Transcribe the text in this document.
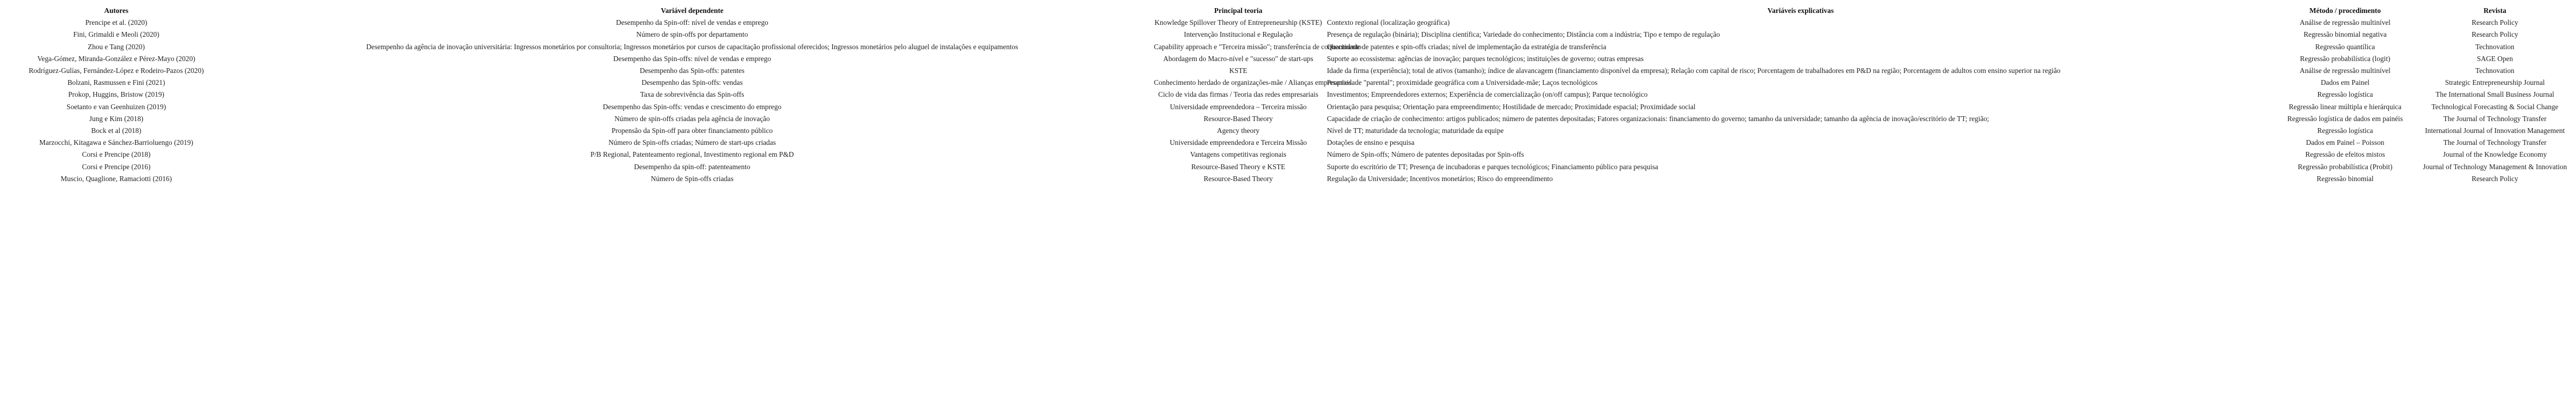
Autores	Variável dependente	Principal teoria	Variáveis explicativas	Método / procedimento	Revista
Prencipe et al. (2020)	Desempenho da Spin-off: nível de vendas e emprego	Knowledge Spillover Theory of Entrepreneurship (KSTE)	Contexto regional (localização geográfica)	Análise de regressão multinível	Research Policy
Fini, Grimaldi e Meoli (2020)	Número de spin-offs por departamento	Intervenção Institucional e Regulação	Presença de regulação (binária); Disciplina científica; Variedade do conhecimento; Distância com a indústria; Tipo e tempo de regulação	Regressão binomial negativa	Research Policy
Zhou e Tang (2020)	Desempenho da agência de inovação universitária: Ingressos monetários por consultoria; Ingressos monetários por cursos de capacitação profissional oferecidos; Ingressos monetários pelo aluguel de instalações e equipamentos	Capability approach e "Terceira missão"; transferência de conhecimento	Quantidade de patentes e spin-offs criadas; nível de implementação da estratégia de transferência	Regressão quantílica	Technovation
Vega-Gómez, Miranda-González e Pérez-Mayo (2020)	Desempenho das Spin-offs: nível de vendas e emprego	Abordagem do Macro-nível e "sucesso" de start-ups	Suporte ao ecossistema: agências de inovação; parques tecnológicos; instituições de governo; outras empresas	Regressão probabilística (logit)	SAGE Open
Rodríguez-Gulías, Fernández-López e Rodeiro-Pazos (2020)	Desempenho das Spin-offs: patentes	KSTE	Idade da firma (experiência); total de ativos (tamanho); índice de alavancagem (financiamento disponível da empresa); Relação com capital de risco; Porcentagem de trabalhadores em P&D na região; Porcentagem de adultos com ensino superior na região	Análise de regressão multinível	Technovation
Bolzani, Rasmussen e Fini (2021)	Desempenho das Spin-offs: vendas	Conhecimento herdado de organizações-mãe / Alianças empresariais	Propriedade "parental"; proximidade geográfica com a Universidade-mãe; Laços tecnológicos	Dados em Painel	Strategic Entrepreneurship Journal
Prokop, Huggins, Bristow (2019)	Taxa de sobrevivência das Spin-offs	Ciclo de vida das firmas / Teoria das redes empresariais	Investimentos; Empreendedores externos; Experiência de comercialização (on/off campus); Parque tecnológico	Regressão logística	The International Small Business Journal
Soetanto e van Geenhuizen (2019)	Desempenho das Spin-offs: vendas e crescimento do emprego	Universidade empreendedora – Terceira missão	Orientação para pesquisa; Orientação para empreendimento; Hostilidade de mercado; Proximidade espacial; Proximidade social	Regressão linear múltipla e hierárquica	Technological Forecasting & Social Change
Jung e Kim (2018)	Número de spin-offs criadas pela agência de inovação	Resource-Based Theory	Capacidade de criação de conhecimento: artigos publicados; número de patentes depositadas; Fatores organizacionais: financiamento do governo; tamanho da universidade; tamanho da agência de inovação/escritório de TT; região;	Regressão logística de dados em painéis	The Journal of Technology Transfer
Bock et al (2018)	Propensão da Spin-off para obter financiamento público	Agency theory	Nível de TT; maturidade da tecnologia; maturidade da equipe	Regressão logística	International Journal of Innovation Management
Marzocchi, Kitagawa e Sánchez-Barrioluengo (2019)	Número de Spin-offs criadas; Número de start-ups criadas	Universidade empreendedora e Terceira Missão	Dotações de ensino e pesquisa	Dados em Painel – Poisson	The Journal of Technology Transfer
Corsi e Prencipe (2018)	P/B Regional, Patenteamento regional, Investimento regional em P&D	Vantagens competitivas regionais	Número de Spin-offs; Número de patentes depositadas por Spin-offs	Regressão de efeitos mistos	Journal of the Knowledge Economy
Corsi e Prencipe (2016)	Desempenho da spin-off: patenteamento	Resource-Based Theory e KSTE	Suporte do escritório de TT; Presença de incubadoras e parques tecnológicos; Financiamento público para pesquisa	Regressão probabilística (Probit)	Journal of Technology Management & Innovation
Muscio, Quaglione, Ramaciotti (2016)	Número de Spin-offs criadas	Resource-Based Theory	Regulação da Universidade; Incentivos monetários; Risco do empreendimento	Regressão binomial	Research Policy
